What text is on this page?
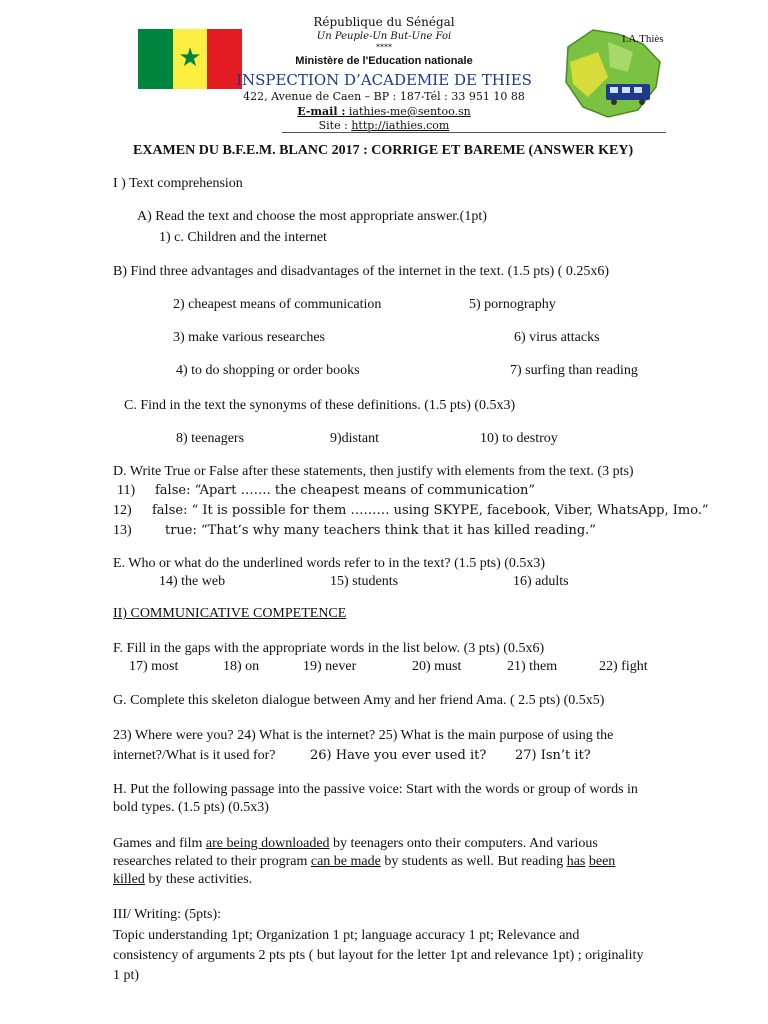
★
République du Sénégal
Un Peuple-Un But-Une Foi
****
Ministère de l'Education nationale
INSPECTION D’ACADEMIE DE THIES
422, Avenue de Caen – BP : 187-Tél : 33 951 10 88
E-mail : iathies-me@sentoo.sn
Site : http://iathies.com
I.A.Thiès
EXAMEN DU B.F.E.M. BLANC 2017 : CORRIGE ET BAREME (ANSWER KEY)
I ) Text comprehension
A) Read the text and choose the most appropriate answer.(1pt)
1) c. Children and the internet
B) Find three advantages and disadvantages of the internet in the text. (1.5 pts) ( 0.25x6)
2) cheapest means of communication	5) pornography
3) make various researches	6) virus attacks
4) to do shopping or order books	7) surfing than reading
C. Find in the text the synonyms of these definitions. (1.5 pts) (0.5x3)
8) teenagers	9)distant	10) to destroy
D. Write True or False after these statements, then justify with elements from the text. (3 pts)
11) false: “Apart ……. the cheapest means of communication”
12) false: “ It is possible for them ……… using SKYPE, facebook, Viber, WhatsApp, Imo.”
13)	true: “That’s why many teachers think that it has killed reading.”
E. Who or what do the underlined words refer to in the text? (1.5 pts) (0.5x3)
14) the web	15) students	16) adults
II) COMMUNICATIVE COMPETENCE
F. Fill in the gaps with the appropriate words in the list below. (3 pts) (0.5x6)
17) most	18) on	19) never	20) must	21) them	22) fight
G. Complete this skeleton dialogue between Amy and her friend Ama. ( 2.5 pts) (0.5x5)
23) Where were you? 24) What is the internet? 25) What is the main purpose of using the
internet?/What is it used for?	26) Have you ever used it? 27) Isn’t it?
H. Put the following passage into the passive voice: Start with the words or group of words in
bold types. (1.5 pts) (0.5x3)
Games and film are being downloaded by teenagers onto their computers. And various
researches related to their program can be made by students as well. But reading has been
killed by these activities.
III/ Writing: (5pts):
Topic understanding 1pt; Organization 1 pt; language accuracy 1 pt; Relevance and
consistency of arguments 2 pts pts ( but layout for the letter 1pt and relevance 1pt) ; originality
1 pt)
